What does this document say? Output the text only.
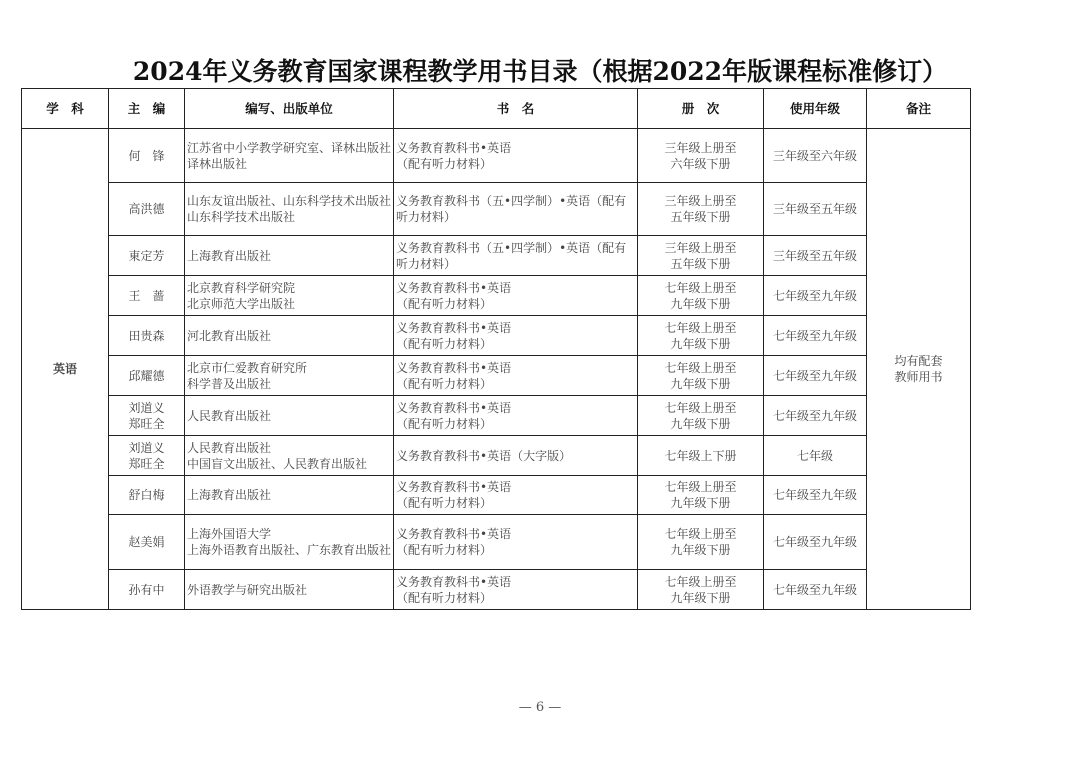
2024年义务教育国家课程教学用书目录（根据2022年版课程标准修订）
学　科	主　编	编写、出版单位	书　名	册　次	使用年级	备注
英语	何　锋	江苏省中小学教学研究室、译林出版社
译林出版社	义务教育教科书•英语
（配有听力材料）	三年级上册至
六年级下册	三年级至六年级	均有配套
教师用书

	高洪德	山东友谊出版社、山东科学技术出版社
山东科学技术出版社	义务教育教科书（五•四学制）•英语（配有听力材料）	三年级上册至
五年级下册	三年级至五年级	

	東定芳	上海教育出版社	义务教育教科书（五•四学制）•英语（配有听力材料）	三年级上册至
五年级下册	三年级至五年级	

	王　蔷	北京教育科学研究院
北京师范大学出版社	义务教育教科书•英语
（配有听力材料）	七年级上册至
九年级下册	七年级至九年级	

	田贵森	河北教育出版社	义务教育教科书•英语
（配有听力材料）	七年级上册至
九年级下册	七年级至九年级	

	邱耀德	北京市仁爱教育研究所
科学普及出版社	义务教育教科书•英语
（配有听力材料）	七年级上册至
九年级下册	七年级至九年级	

	刘道义
郑旺全	人民教育出版社	义务教育教科书•英语
（配有听力材料）	七年级上册至
九年级下册	七年级至九年级	

	刘道义
郑旺全	人民教育出版社
中国盲文出版社、人民教育出版社	义务教育教科书•英语（大字版）	七年级上下册	七年级	

	舒白梅	上海教育出版社	义务教育教科书•英语
（配有听力材料）	七年级上册至
九年级下册	七年级至九年级	

	赵美娟	上海外国语大学
上海外语教育出版社、广东教育出版社	义务教育教科书•英语
（配有听力材料）	七年级上册至
九年级下册	七年级至九年级	

	孙有中	外语教学与研究出版社	义务教育教科书•英语
（配有听力材料）	七年级上册至
九年级下册	七年级至九年级	
— 6 —
